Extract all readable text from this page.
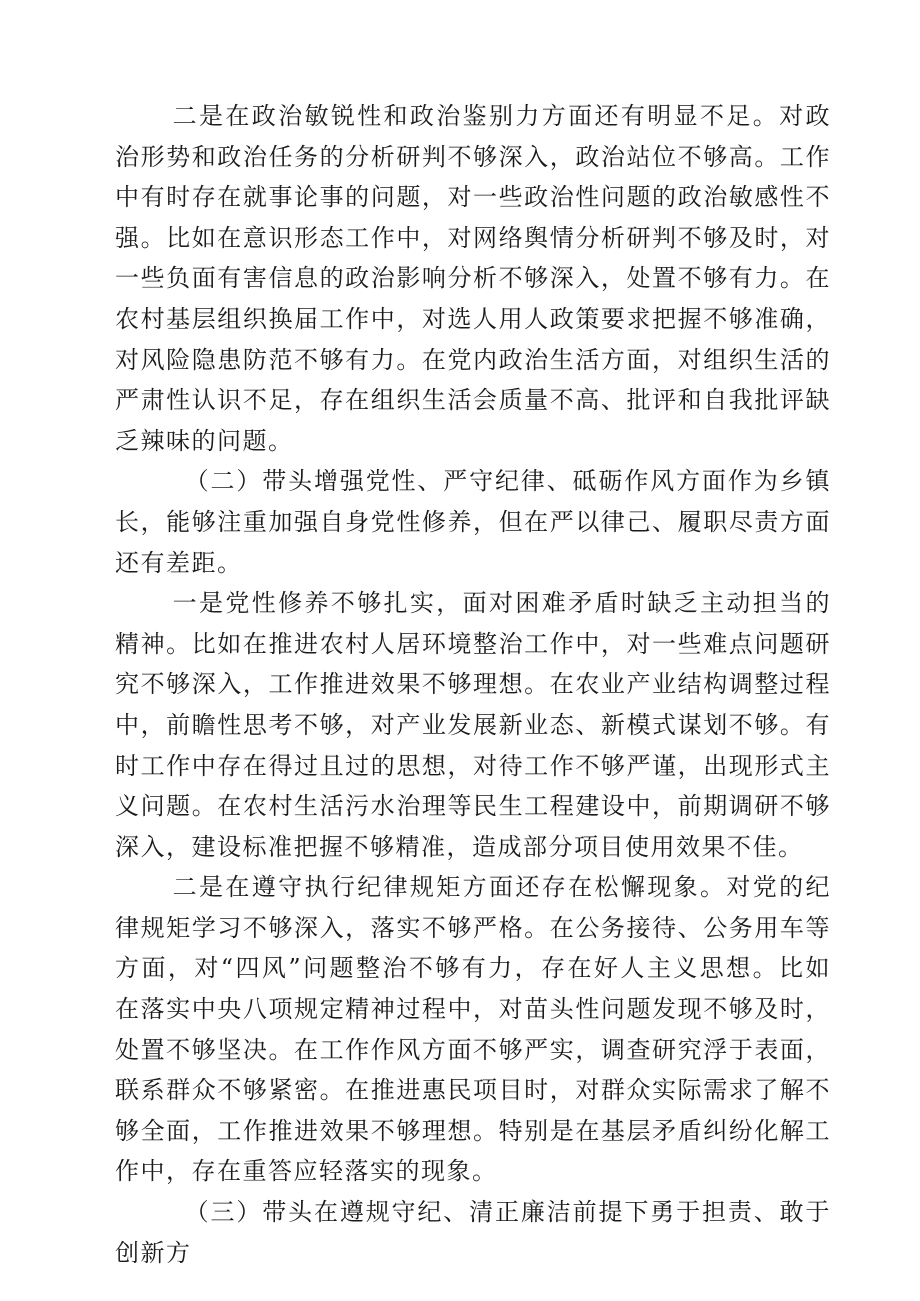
二是在政治敏锐性和政治鉴别力方面还有明显不足。对政治形势和政治任务的分析研判不够深入，政治站位不够高。工作中有时存在就事论事的问题，对一些政治性问题的政治敏感性不强。比如在意识形态工作中，对网络舆情分析研判不够及时，对一些负面有害信息的政治影响分析不够深入，处置不够有力。在农村基层组织换届工作中，对选人用人政策要求把握不够准确，对风险隐患防范不够有力。在党内政治生活方面，对组织生活的严肃性认识不足，存在组织生活会质量不高、批评和自我批评缺乏辣味的问题。

（二）带头增强党性、严守纪律、砥砺作风方面作为乡镇长，能够注重加强自身党性修养，但在严以律己、履职尽责方面还有差距。

一是党性修养不够扎实，面对困难矛盾时缺乏主动担当的精神。比如在推进农村人居环境整治工作中，对一些难点问题研究不够深入，工作推进效果不够理想。在农业产业结构调整过程中，前瞻性思考不够，对产业发展新业态、新模式谋划不够。有时工作中存在得过且过的思想，对待工作不够严谨，出现形式主义问题。在农村生活污水治理等民生工程建设中，前期调研不够深入，建设标准把握不够精准，造成部分项目使用效果不佳。

二是在遵守执行纪律规矩方面还存在松懈现象。对党的纪律规矩学习不够深入，落实不够严格。在公务接待、公务用车等方面，对“四风”问题整治不够有力，存在好人主义思想。比如在落实中央八项规定精神过程中，对苗头性问题发现不够及时，处置不够坚决。在工作作风方面不够严实，调查研究浮于表面，联系群众不够紧密。在推进惠民项目时，对群众实际需求了解不够全面，工作推进效果不够理想。特别是在基层矛盾纠纷化解工作中，存在重答应轻落实的现象。

（三）带头在遵规守纪、清正廉洁前提下勇于担责、敢于创新方
